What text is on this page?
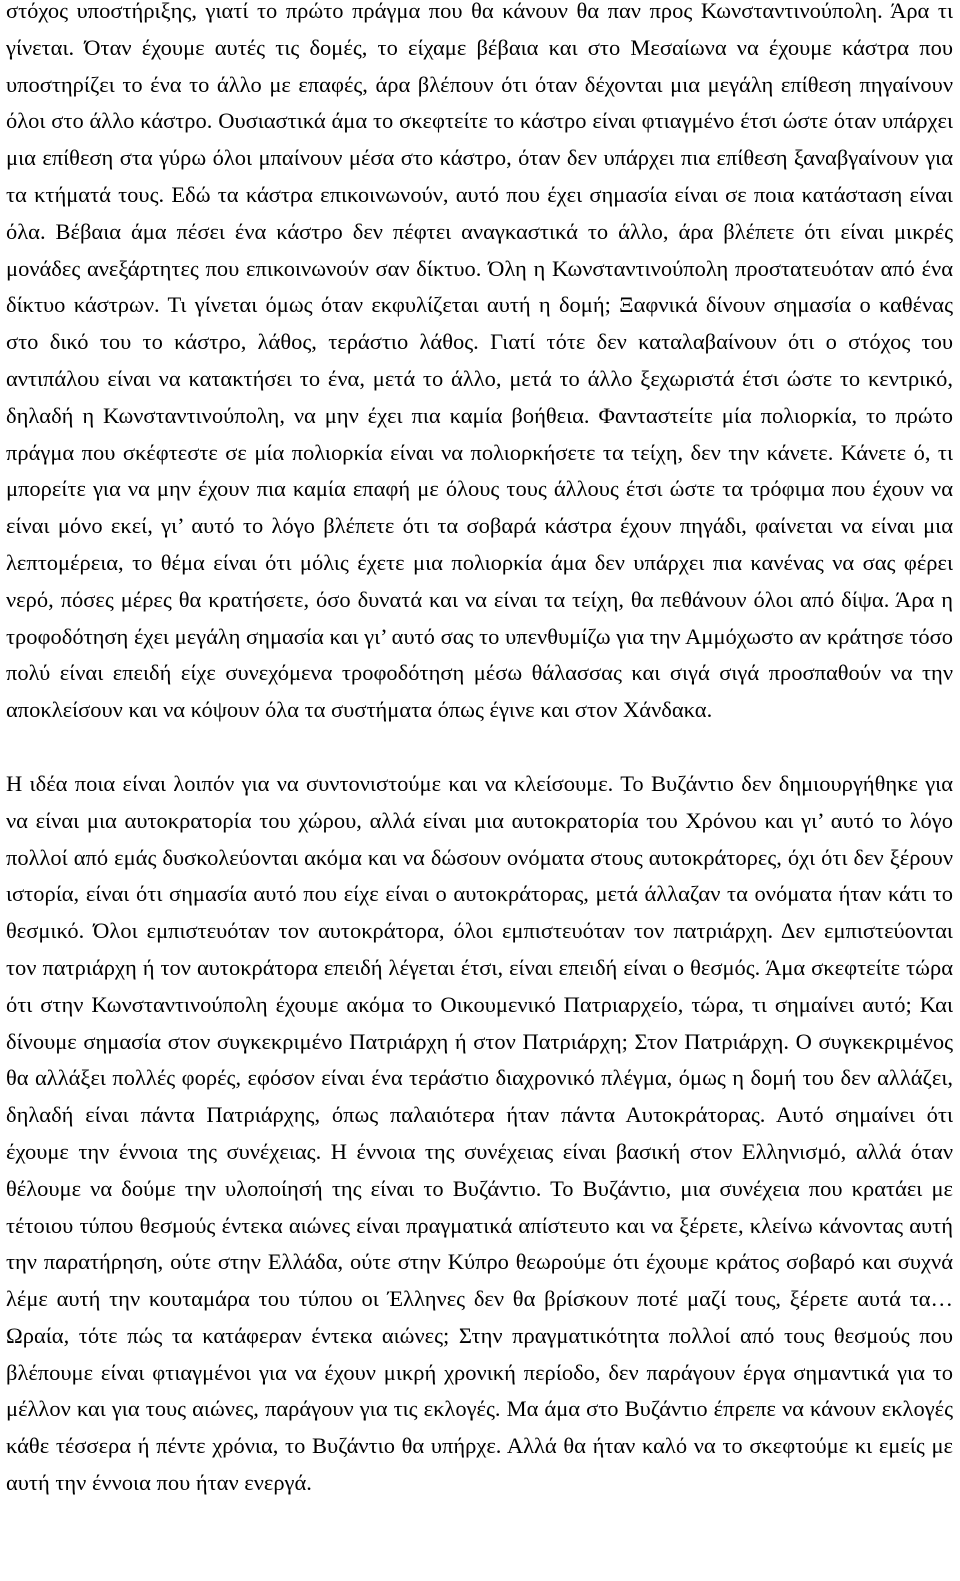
στόχος υποστήριξης, γιατί το πρώτο πράγμα που θα κάνουν θα παν προς Κωνσταντινούπολη. Άρα τι γίνεται. Όταν έχουμε αυτές τις δομές, το είχαμε βέβαια και στο Μεσαίωνα να έχουμε κάστρα που υποστηρίζει το ένα το άλλο με επαφές, άρα βλέπουν ότι όταν δέχονται μια μεγάλη επίθεση πηγαίνουν όλοι στο άλλο κάστρο. Ουσιαστικά άμα το σκεφτείτε το κάστρο είναι φτιαγμένο έτσι ώστε όταν υπάρχει μια επίθεση στα γύρω όλοι μπαίνουν μέσα στο κάστρο, όταν δεν υπάρχει πια επίθεση ξαναβγαίνουν για τα κτήματά τους. Εδώ τα κάστρα επικοινωνούν, αυτό που έχει σημασία είναι σε ποια κατάσταση είναι όλα. Βέβαια άμα πέσει ένα κάστρο δεν πέφτει αναγκαστικά το άλλο, άρα βλέπετε ότι είναι μικρές μονάδες ανεξάρτητες που επικοινωνούν σαν δίκτυο. Όλη η Κωνσταντινούπολη προστατευόταν από ένα δίκτυο κάστρων. Τι γίνεται όμως όταν εκφυλίζεται αυτή η δομή; Ξαφνικά δίνουν σημασία ο καθένας στο δικό του το κάστρο, λάθος, τεράστιο λάθος. Γιατί τότε δεν καταλαβαίνουν ότι ο στόχος του αντιπάλου είναι να κατακτήσει το ένα, μετά το άλλο, μετά το άλλο ξεχωριστά έτσι ώστε το κεντρικό, δηλαδή η Κωνσταντινούπολη, να μην έχει πια καμία βοήθεια. Φανταστείτε μία πολιορκία, το πρώτο πράγμα που σκέφτεστε σε μία πολιορκία είναι να πολιορκήσετε τα τείχη, δεν την κάνετε. Κάνετε ό, τι μπορείτε για να μην έχουν πια καμία επαφή με όλους τους άλλους έτσι ώστε τα τρόφιμα που έχουν να είναι μόνο εκεί, γι’ αυτό το λόγο βλέπετε ότι τα σοβαρά κάστρα έχουν πηγάδι, φαίνεται να είναι μια λεπτομέρεια, το θέμα είναι ότι μόλις έχετε μια πολιορκία άμα δεν υπάρχει πια κανένας να σας φέρει νερό, πόσες μέρες θα κρατήσετε, όσο δυνατά και να είναι τα τείχη, θα πεθάνουν όλοι από δίψα. Άρα η τροφοδότηση έχει μεγάλη σημασία και γι’ αυτό σας το υπενθυμίζω για την Αμμόχωστο αν κράτησε τόσο πολύ είναι επειδή είχε συνεχόμενα τροφοδότηση μέσω θάλασσας και σιγά σιγά προσπαθούν να την αποκλείσουν και να κόψουν όλα τα συστήματα όπως έγινε και στον Χάνδακα.

Η ιδέα ποια είναι λοιπόν για να συντονιστούμε και να κλείσουμε. Το Βυζάντιο δεν δημιουργήθηκε για να είναι μια αυτοκρατορία του χώρου, αλλά είναι μια αυτοκρατορία του Χρόνου και γι’ αυτό το λόγο πολλοί από εμάς δυσκολεύονται ακόμα και να δώσουν ονόματα στους αυτοκράτορες, όχι ότι δεν ξέρουν ιστορία, είναι ότι σημασία αυτό που είχε είναι ο αυτοκράτορας, μετά άλλαζαν τα ονόματα ήταν κάτι το θεσμικό. Όλοι εμπιστευόταν τον αυτοκράτορα, όλοι εμπιστευόταν τον πατριάρχη. Δεν εμπιστεύονται τον πατριάρχη ή τον αυτοκράτορα επειδή λέγεται έτσι, είναι επειδή είναι ο θεσμός. Άμα σκεφτείτε τώρα ότι στην Κωνσταντινούπολη έχουμε ακόμα το Οικουμενικό Πατριαρχείο, τώρα, τι σημαίνει αυτό; Και δίνουμε σημασία στον συγκεκριμένο Πατριάρχη ή στον Πατριάρχη; Στον Πατριάρχη. Ο συγκεκριμένος θα αλλάξει πολλές φορές, εφόσον είναι ένα τεράστιο διαχρονικό πλέγμα, όμως η δομή του δεν αλλάζει, δηλαδή είναι πάντα Πατριάρχης, όπως παλαιότερα ήταν πάντα Αυτοκράτορας. Αυτό σημαίνει ότι έχουμε την έννοια της συνέχειας. Η έννοια της συνέχειας είναι βασική στον Ελληνισμό, αλλά όταν θέλουμε να δούμε την υλοποίησή της είναι το Βυζάντιο. Το Βυζάντιο, μια συνέχεια που κρατάει με τέτοιου τύπου θεσμούς έντεκα αιώνες είναι πραγματικά απίστευτο και να ξέρετε, κλείνω κάνοντας αυτή την παρατήρηση, ούτε στην Ελλάδα, ούτε στην Κύπρο θεωρούμε ότι έχουμε κράτος σοβαρό και συχνά λέμε αυτή την κουταμάρα του τύπου οι Έλληνες δεν θα βρίσκουν ποτέ μαζί τους, ξέρετε αυτά τα… Ωραία, τότε πώς τα κατάφεραν έντεκα αιώνες; Στην πραγματικότητα πολλοί από τους θεσμούς που βλέπουμε είναι φτιαγμένοι για να έχουν μικρή χρονική περίοδο, δεν παράγουν έργα σημαντικά για το μέλλον και για τους αιώνες, παράγουν για τις εκλογές. Μα άμα στο Βυζάντιο έπρεπε να κάνουν εκλογές κάθε τέσσερα ή πέντε χρόνια, το Βυζάντιο θα υπήρχε. Αλλά θα ήταν καλό να το σκεφτούμε κι εμείς με αυτή την έννοια που ήταν ενεργά.
